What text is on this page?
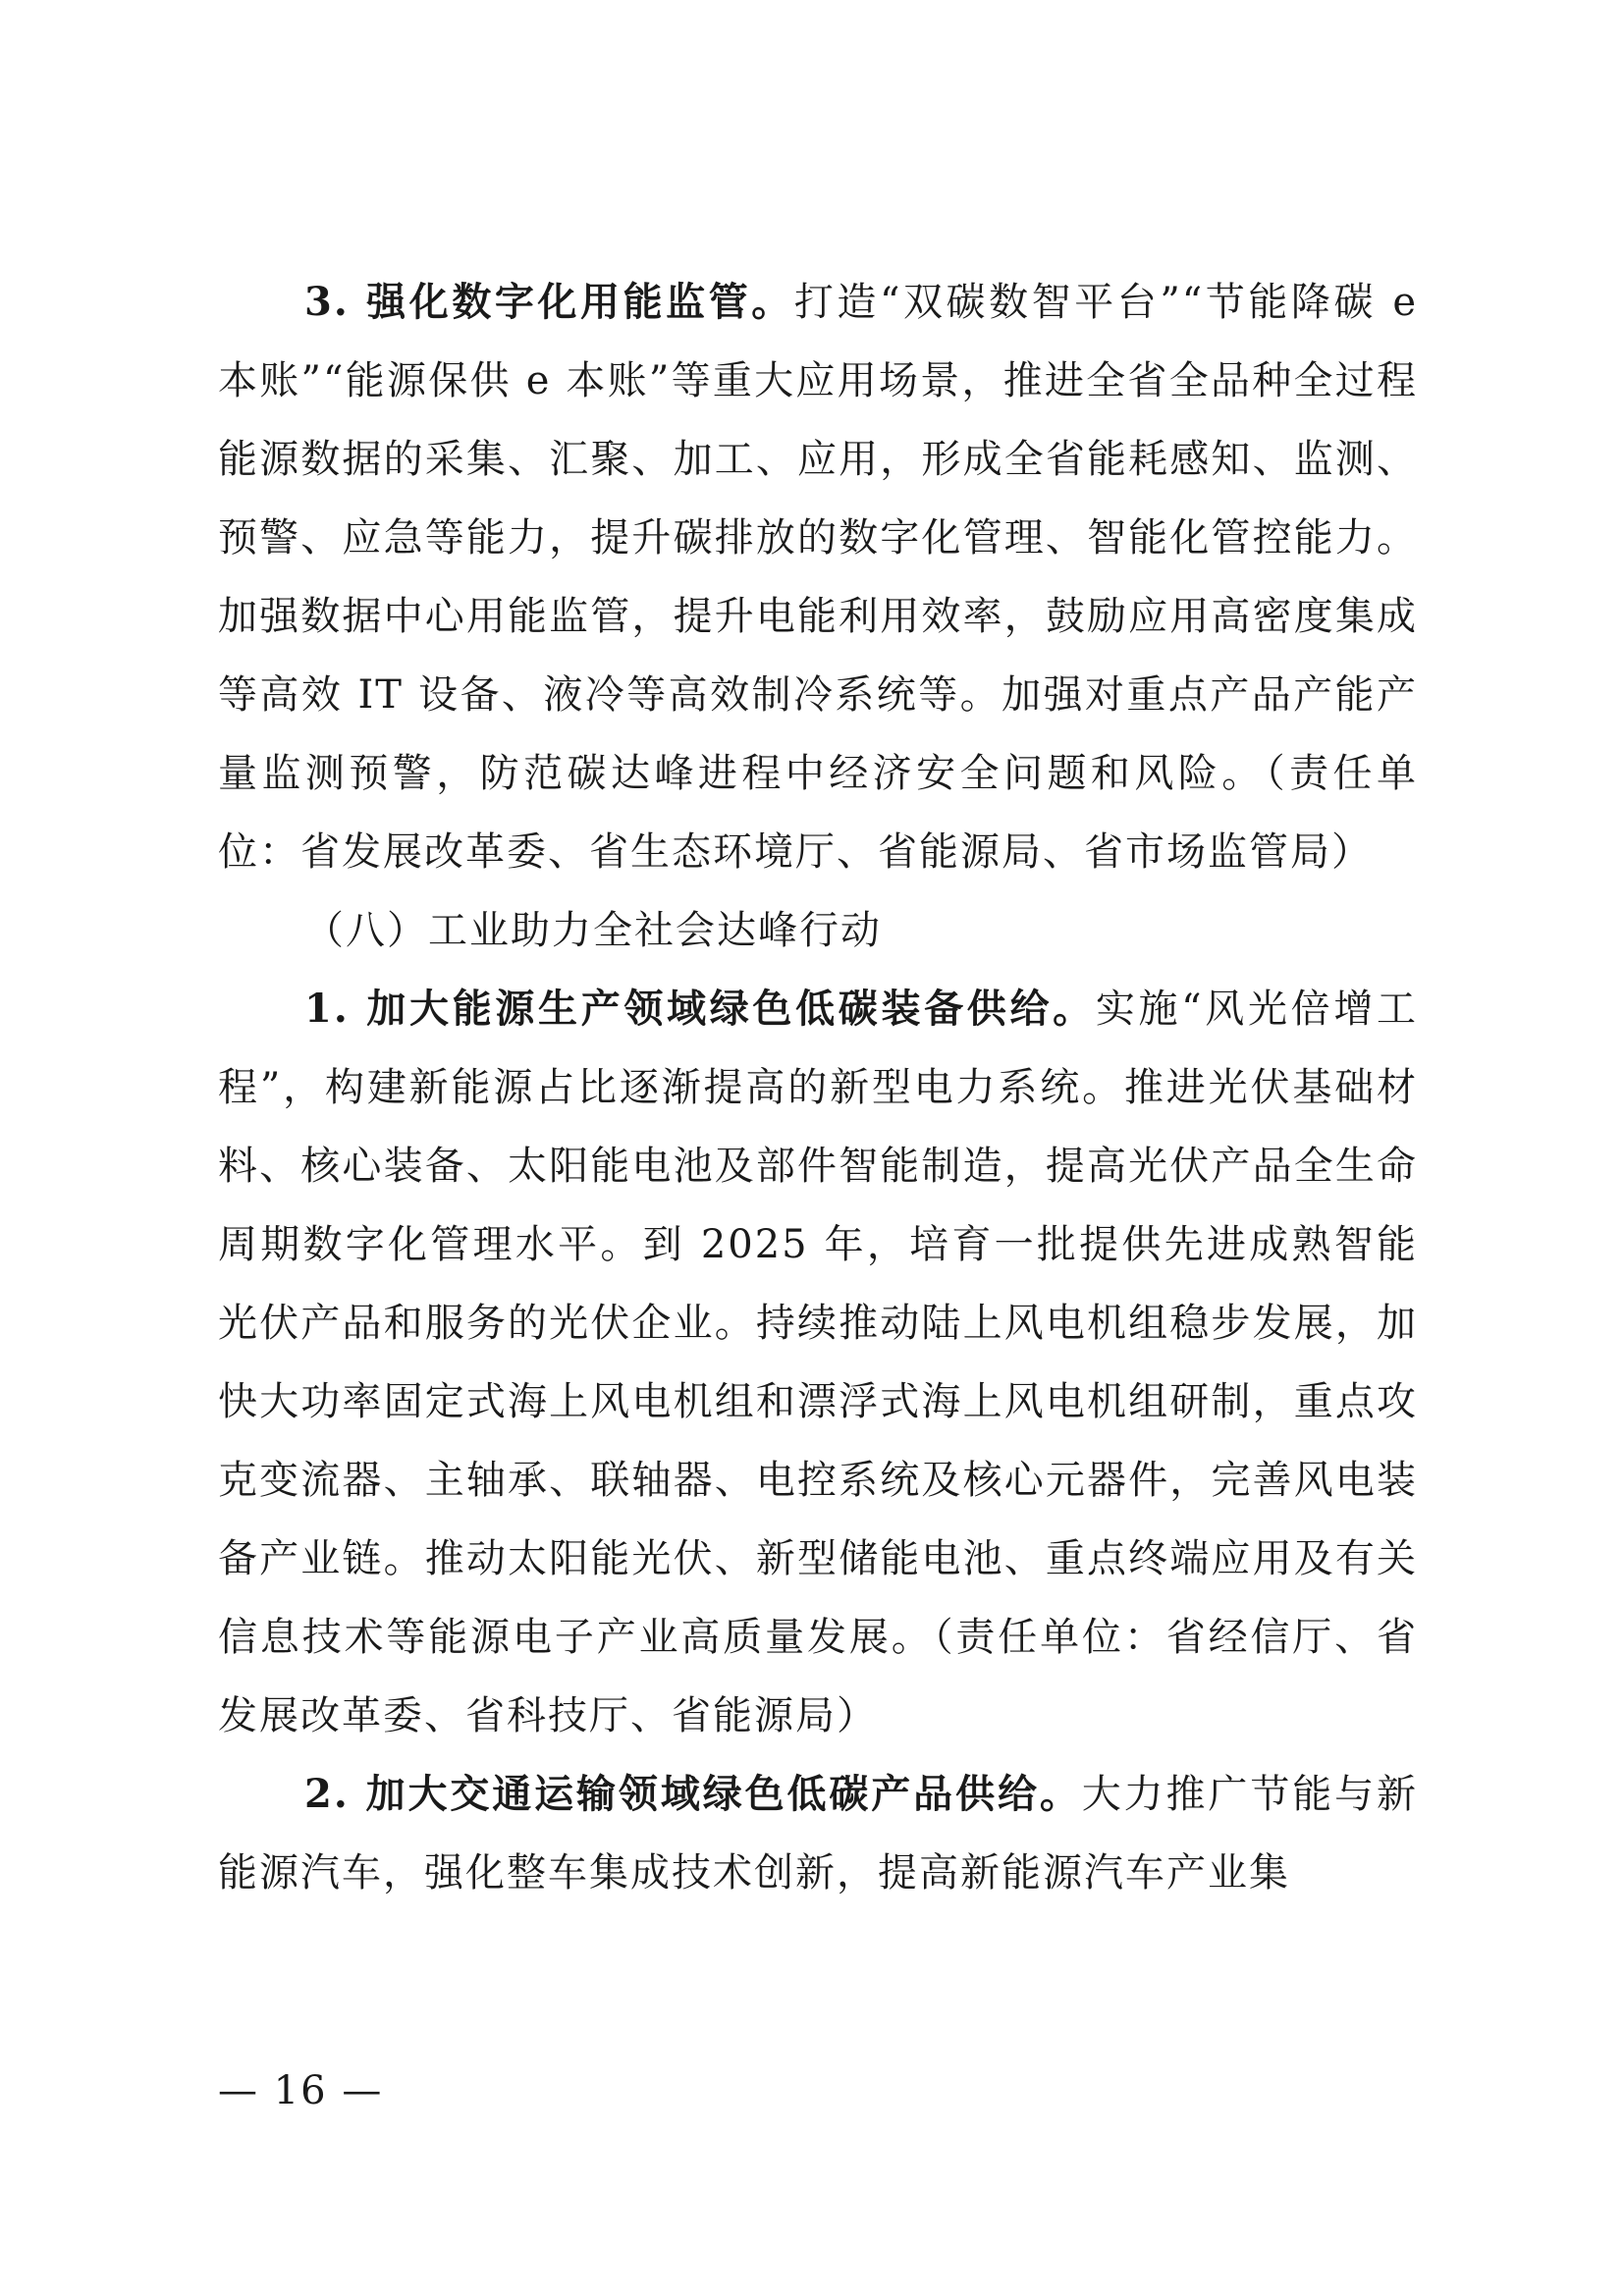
3. 强化数字化用能监管。打造“双碳数智平台”“节能降碳 e 本账”“能源保供 e 本账”等重大应用场景，推进全省全品种全过程能源数据的采集、汇聚、加工、应用，形成全省能耗感知、监测、预警、应急等能力，提升碳排放的数字化管理、智能化管控能力。加强数据中心用能监管，提升电能利用效率，鼓励应用高密度集成等高效 IT 设备、液冷等高效制冷系统等。加强对重点产品产能产量监测预警，防范碳达峰进程中经济安全问题和风险。（责任单位：省发展改革委、省生态环境厅、省能源局、省市场监管局）

（八）工业助力全社会达峰行动

1. 加大能源生产领域绿色低碳装备供给。实施“风光倍增工程”，构建新能源占比逐渐提高的新型电力系统。推进光伏基础材料、核心装备、太阳能电池及部件智能制造，提高光伏产品全生命周期数字化管理水平。到 2025 年，培育一批提供先进成熟智能光伏产品和服务的光伏企业。持续推动陆上风电机组稳步发展，加快大功率固定式海上风电机组和漂浮式海上风电机组研制，重点攻克变流器、主轴承、联轴器、电控系统及核心元器件，完善风电装备产业链。推动太阳能光伏、新型储能电池、重点终端应用及有关信息技术等能源电子产业高质量发展。（责任单位：省经信厅、省发展改革委、省科技厅、省能源局）

2. 加大交通运输领域绿色低碳产品供给。大力推广节能与新能源汽车，强化整车集成技术创新，提高新能源汽车产业集

— 16 —
